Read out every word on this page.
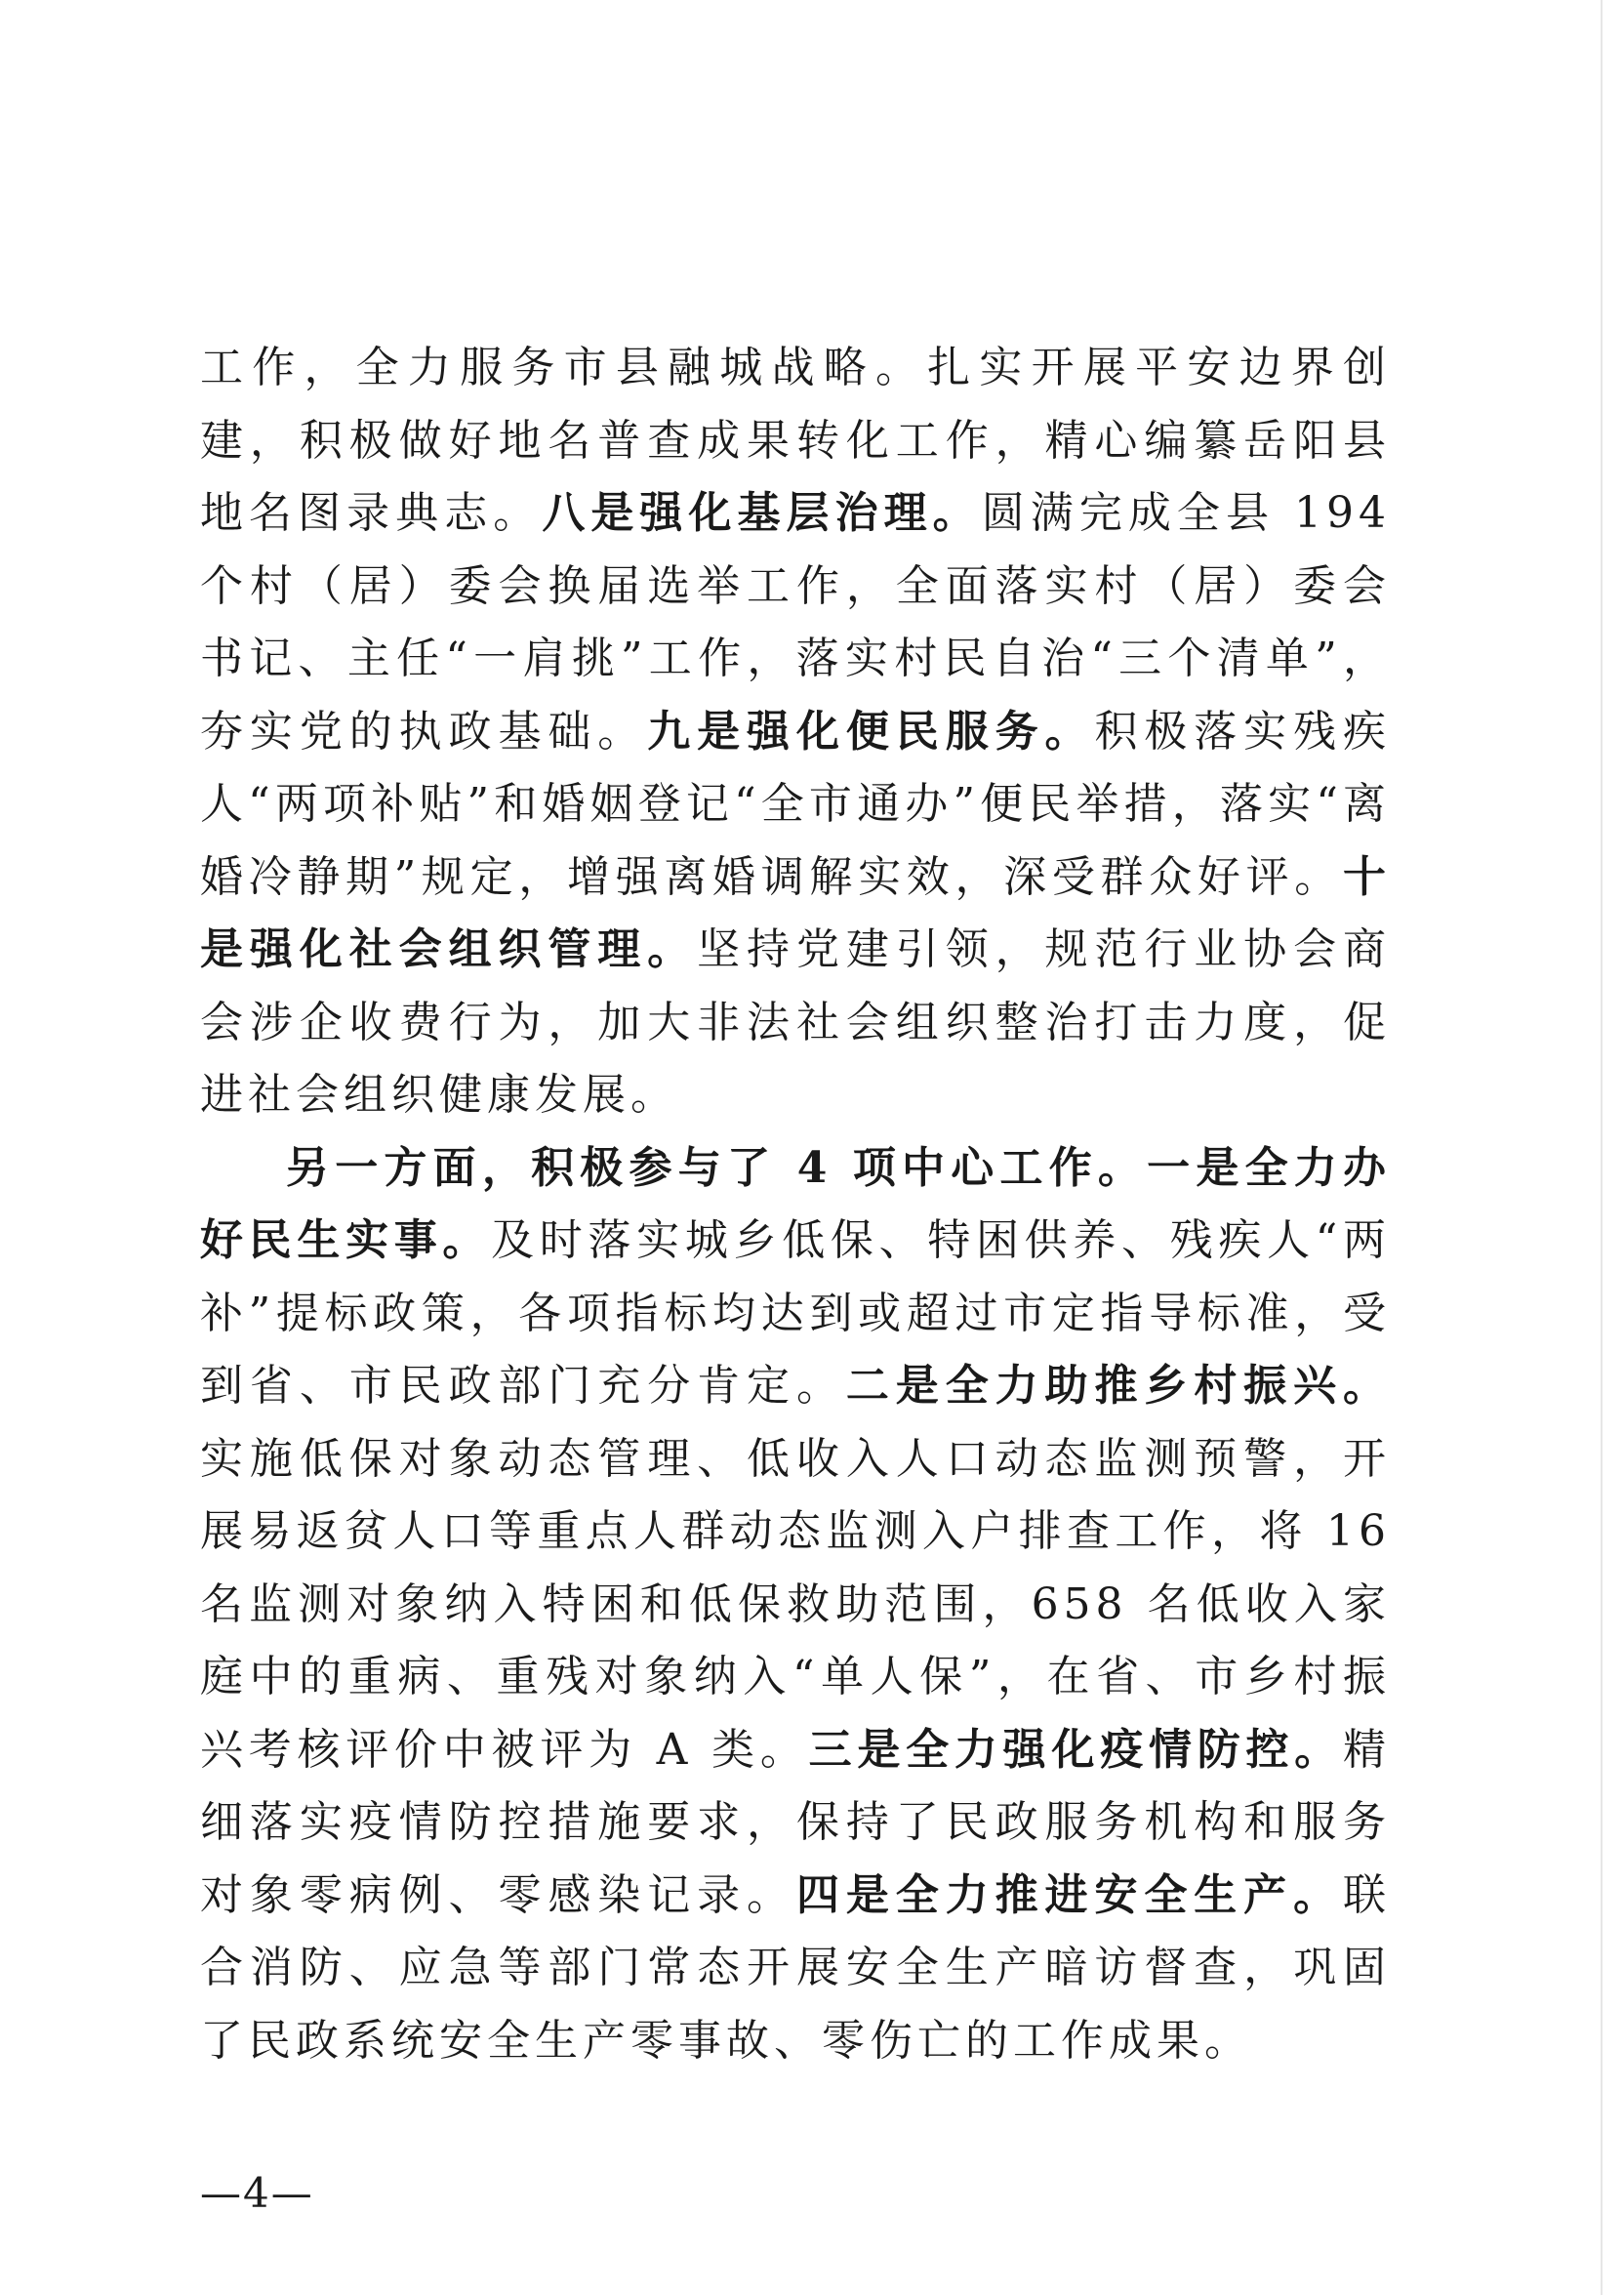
工作，全力服务市县融城战略。扎实开展平安边界创建，积极做好地名普查成果转化工作，精心编纂岳阳县地名图录典志。八是强化基层治理。圆满完成全县 194 个村（居）委会换届选举工作，全面落实村（居）委会书记、主任“一肩挑”工作，落实村民自治“三个清单”，夯实党的执政基础。九是强化便民服务。积极落实残疾人“两项补贴”和婚姻登记“全市通办”便民举措，落实“离婚冷静期”规定，增强离婚调解实效，深受群众好评。十是强化社会组织管理。坚持党建引领，规范行业协会商会涉企收费行为，加大非法社会组织整治打击力度，促进社会组织健康发展。

另一方面，积极参与了 4 项中心工作。一是全力办好民生实事。及时落实城乡低保、特困供养、残疾人“两补”提标政策，各项指标均达到或超过市定指导标准，受到省、市民政部门充分肯定。二是全力助推乡村振兴。实施低保对象动态管理、低收入人口动态监测预警，开展易返贫人口等重点人群动态监测入户排查工作，将 16 名监测对象纳入特困和低保救助范围，658 名低收入家庭中的重病、重残对象纳入“单人保”，在省、市乡村振兴考核评价中被评为 A 类。三是全力强化疫情防控。精细落实疫情防控措施要求，保持了民政服务机构和服务对象零病例、零感染记录。四是全力推进安全生产。联合消防、应急等部门常态开展安全生产暗访督查，巩固了民政系统安全生产零事故、零伤亡的工作成果。

—4—
